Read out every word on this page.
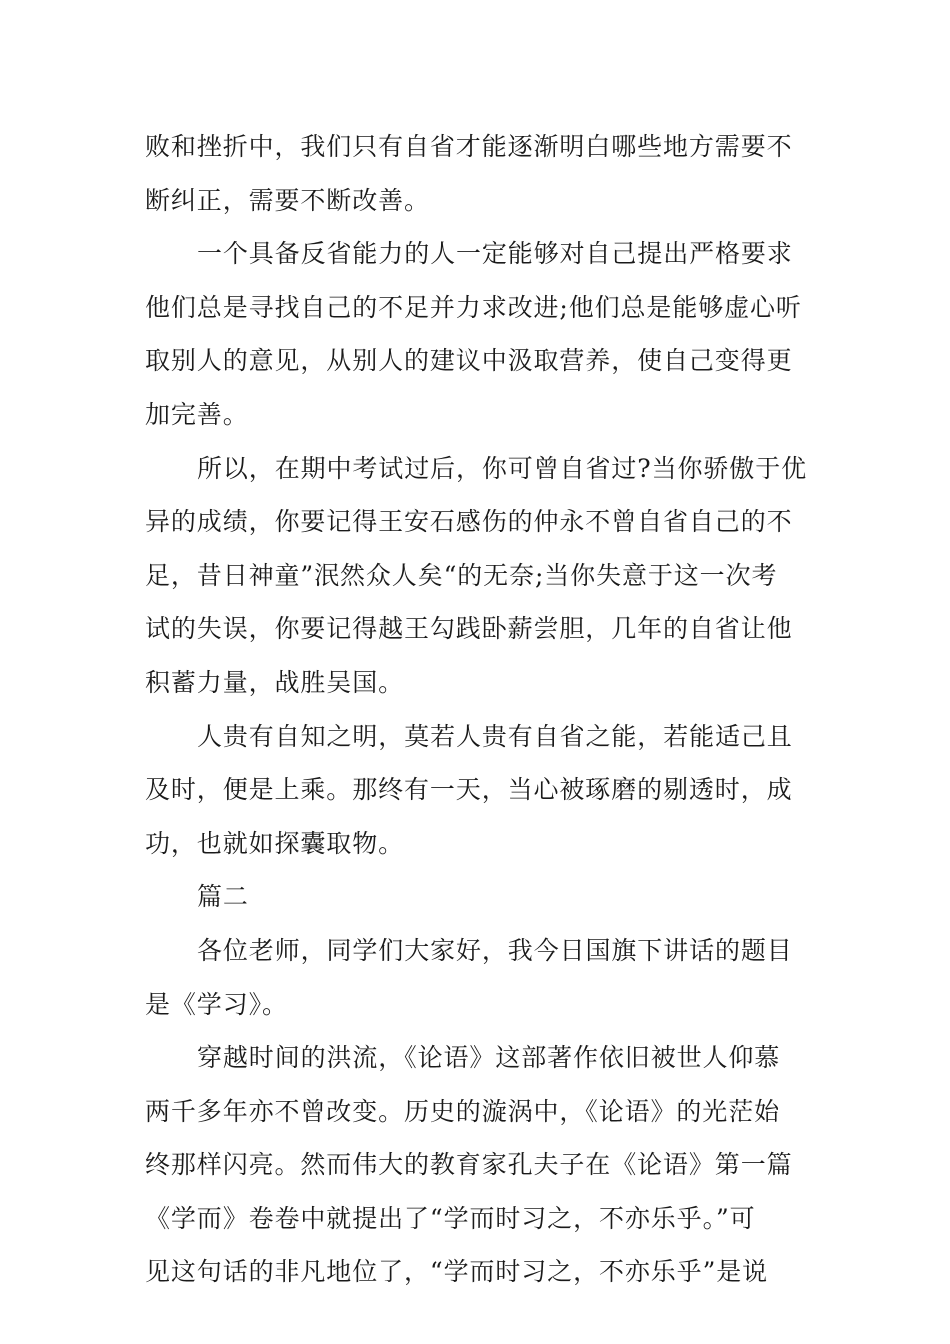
败和挫折中，我们只有自省才能逐渐明白哪些地方需要不
断纠正，需要不断改善。
一个具备反省能力的人一定能够对自己提出严格要求
他们总是寻找自己的不足并力求改进;他们总是能够虚心听
取别人的意见，从别人的建议中汲取营养，使自己变得更
加完善。
所以，在期中考试过后，你可曾自省过?当你骄傲于优
异的成绩，你要记得王安石感伤的仲永不曾自省自己的不
足，昔日神童”泯然众人矣“的无奈;当你失意于这一次考
试的失误，你要记得越王勾践卧薪尝胆，几年的自省让他
积蓄力量，战胜吴国。
人贵有自知之明，莫若人贵有自省之能，若能适己且
及时，便是上乘。那终有一天，当心被琢磨的剔透时，成
功，也就如探囊取物。
篇二
各位老师，同学们大家好，我今日国旗下讲话的题目
是《学习》。
穿越时间的洪流，《论语》这部著作依旧被世人仰慕
两千多年亦不曾改变。历史的漩涡中，《论语》的光茫始
终那样闪亮。然而伟大的教育家孔夫子在《论语》第一篇
《学而》卷卷中就提出了“学而时习之，不亦乐乎。”可
见这句话的非凡地位了，“学而时习之，不亦乐乎”是说
